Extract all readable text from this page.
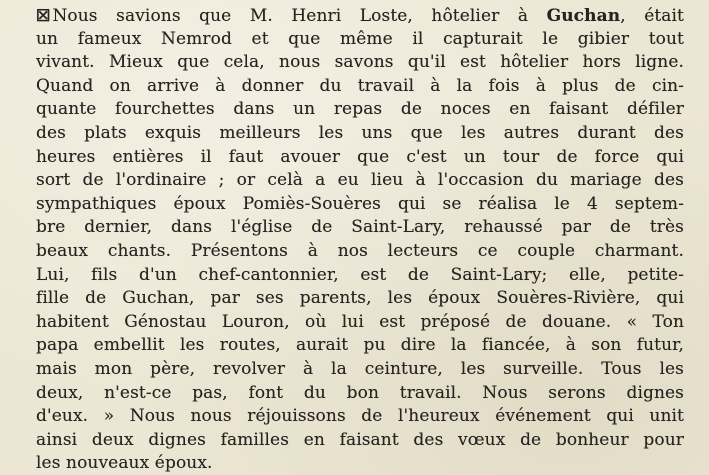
☒ Nous savions que M. Henri Loste, hôtelier à Guchan, était
un fameux Nemrod et que même il capturait le gibier tout
vivant. Mieux que cela, nous savons qu'il est hôtelier hors ligne.
Quand on arrive à donner du travail à la fois à plus de cin-
quante fourchettes dans un repas de noces en faisant défiler
des plats exquis meilleurs les uns que les autres durant des
heures entières il faut avouer que c'est un tour de force qui
sort de l'ordinaire ; or celà a eu lieu à l'occasion du mariage des
sympathiques époux Pomiès-Souères qui se réalisa le 4 septem-
bre dernier, dans l'église de Saint-Lary, rehaussé par de très
beaux chants. Présentons à nos lecteurs ce couple charmant.
Lui, fils d'un chef-cantonnier, est de Saint-Lary; elle, petite-
fille de Guchan, par ses parents, les époux Souères-Rivière, qui
habitent Génostau Louron, où lui est préposé de douane. « Ton
papa embellit les routes, aurait pu dire la fiancée, à son futur,
mais mon père, revolver à la ceinture, les surveille. Tous les
deux, n'est-ce pas, font du bon travail. Nous serons dignes
d'eux. » Nous nous réjouissons de l'heureux événement qui unit
ainsi deux dignes familles en faisant des vœux de bonheur pour
les nouveaux époux.
